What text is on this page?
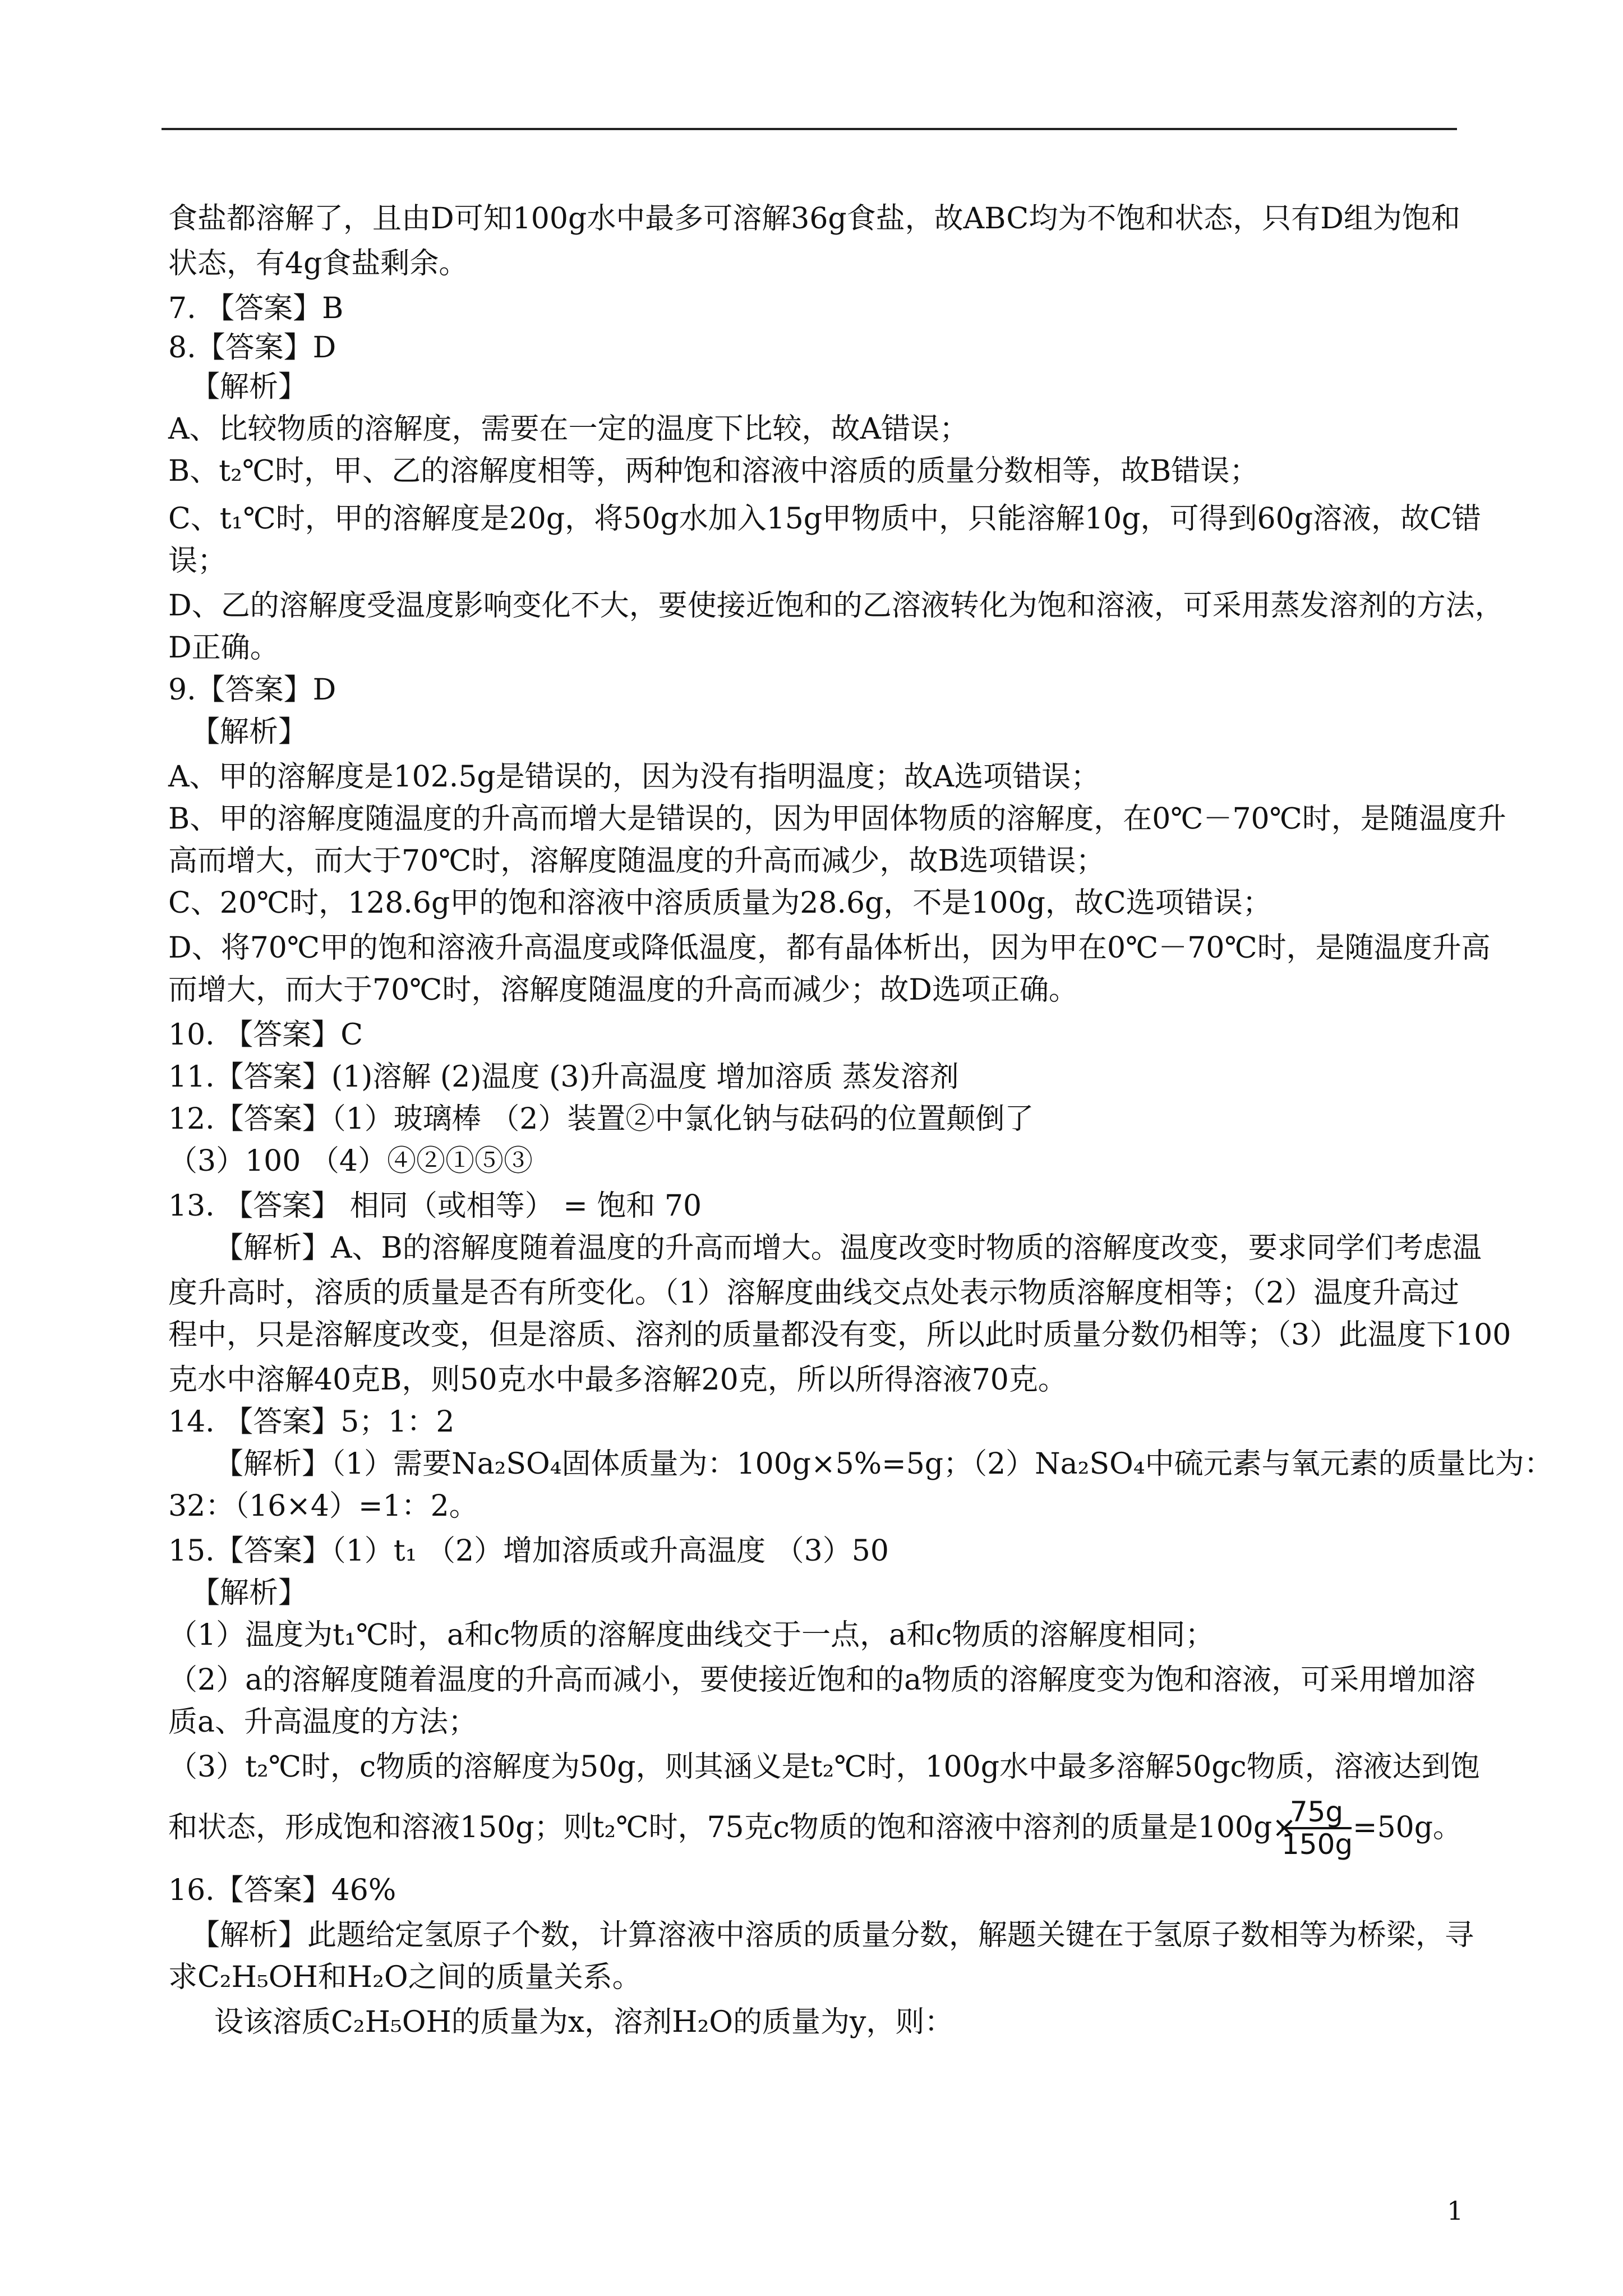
食盐都溶解了，且由D可知100g水中最多可溶解36g食盐，故ABC均为不饱和状态，只有D组为饱和
状态，有4g食盐剩余。
7. 【答案】B
8.【答案】D
【解析】
A、比较物质的溶解度，需要在一定的温度下比较，故A错误；
B、t₂℃时，甲、乙的溶解度相等，两种饱和溶液中溶质的质量分数相等，故B错误；
C、t₁℃时，甲的溶解度是20g，将50g水加入15g甲物质中，只能溶解10g，可得到60g溶液，故C错
误；
D、乙的溶解度受温度影响变化不大，要使接近饱和的乙溶液转化为饱和溶液，可采用蒸发溶剂的方法，
D正确。
9.【答案】D
【解析】
A、甲的溶解度是102.5g是错误的，因为没有指明温度；故A选项错误；
B、甲的溶解度随温度的升高而增大是错误的，因为甲固体物质的溶解度，在0℃－70℃时，是随温度升
高而增大，而大于70℃时，溶解度随温度的升高而减少，故B选项错误；
C、20℃时，128.6g甲的饱和溶液中溶质质量为28.6g，不是100g，故C选项错误；
D、将70℃甲的饱和溶液升高温度或降低温度，都有晶体析出，因为甲在0℃－70℃时，是随温度升高
而增大，而大于70℃时，溶解度随温度的升高而减少；故D选项正确。
10. 【答案】C
11.【答案】(1)溶解 (2)温度 (3)升高温度 增加溶质 蒸发溶剂
12.【答案】（1）玻璃棒 （2）装置②中氯化钠与砝码的位置颠倒了
（3）100 （4）④②①⑤③
13. 【答案】 相同（或相等） = 饱和 70
【解析】A、B的溶解度随着温度的升高而增大。温度改变时物质的溶解度改变，要求同学们考虑温
度升高时，溶质的质量是否有所变化。（1）溶解度曲线交点处表示物质溶解度相等；（2）温度升高过
程中，只是溶解度改变，但是溶质、溶剂的质量都没有变，所以此时质量分数仍相等；（3）此温度下100
克水中溶解40克B，则50克水中最多溶解20克，所以所得溶液70克。
14. 【答案】5；1：2
【解析】（1）需要Na₂SO₄固体质量为：100g×5%=5g；（2）Na₂SO₄中硫元素与氧元素的质量比为：
32：（16×4）=1：2。
15.【答案】（1）t₁ （2）增加溶质或升高温度 （3）50
【解析】
（1）温度为t₁℃时，a和c物质的溶解度曲线交于一点，a和c物质的溶解度相同；
（2）a的溶解度随着温度的升高而减小，要使接近饱和的a物质的溶解度变为饱和溶液，可采用增加溶
质a、升高温度的方法；
（3）t₂℃时，c物质的溶解度为50g，则其涵义是t₂℃时，100g水中最多溶解50gc物质，溶液达到饱
和状态，形成饱和溶液150g；则t₂℃时，75克c物质的饱和溶液中溶剂的质量是100g×
$\frac{75g}{150g} =50g$。
16.【答案】46%
【解析】此题给定氢原子个数，计算溶液中溶质的质量分数，解题关键在于氢原子数相等为桥梁，寻
求C₂H₅OH和H₂O之间的质量关系。
设该溶质C₂H₅OH的质量为x，溶剂H₂O的质量为y，则：
1
